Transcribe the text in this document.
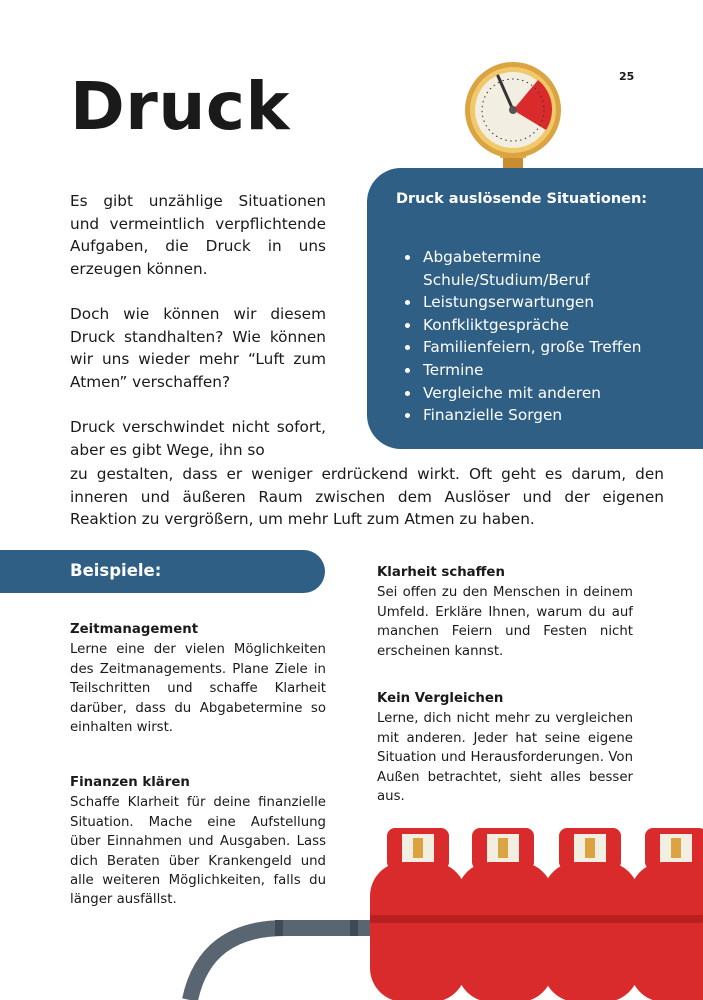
25
Druck

Es gibt unzählige Situationen und vermeintlich verpflichtende Aufgaben, die Druck in uns erzeugen können.

Doch wie können wir diesem Druck standhalten? Wie können wir uns wieder mehr “Luft zum Atmen” verschaffen?

Druck verschwindet nicht sofort, aber es gibt Wege, ihn so

zu gestalten, dass er weniger erdrückend wirkt. Oft geht es darum, den inneren und äußeren Raum zwischen dem Auslöser und der eigenen Reaktion zu vergrößern, um mehr Luft zum Atmen zu haben.
Druck auslösende Situationen:
Abgabetermine Schule/Studium/Beruf
Leistungserwartungen
Konfkliktgespräche
Familienfeiern, große Treffen
Termine
Vergleiche mit anderen
Finanzielle Sorgen
Beispiele:
Zeitmanagement

Lerne eine der vielen Möglichkeiten des Zeitmanagements. Plane Ziele in Teilschritten und schaffe Klarheit darüber, dass du Abgabetermine so einhalten wirst.

Finanzen klären

Schaffe Klarheit für deine finanzielle Situation. Mache eine Aufstellung über Einnahmen und Ausgaben. Lass dich Beraten über Krankengeld und alle weiteren Möglichkeiten, falls du länger ausfällst.

Klarheit schaffen

Sei offen zu den Menschen in deinem Umfeld. Erkläre Ihnen, warum du auf manchen Feiern und Festen nicht erscheinen kannst.

Kein Vergleichen

Lerne, dich nicht mehr zu vergleichen mit anderen. Jeder hat seine eigene Situation und Herausforderungen. Von Außen betrachtet, sieht alles besser aus.
